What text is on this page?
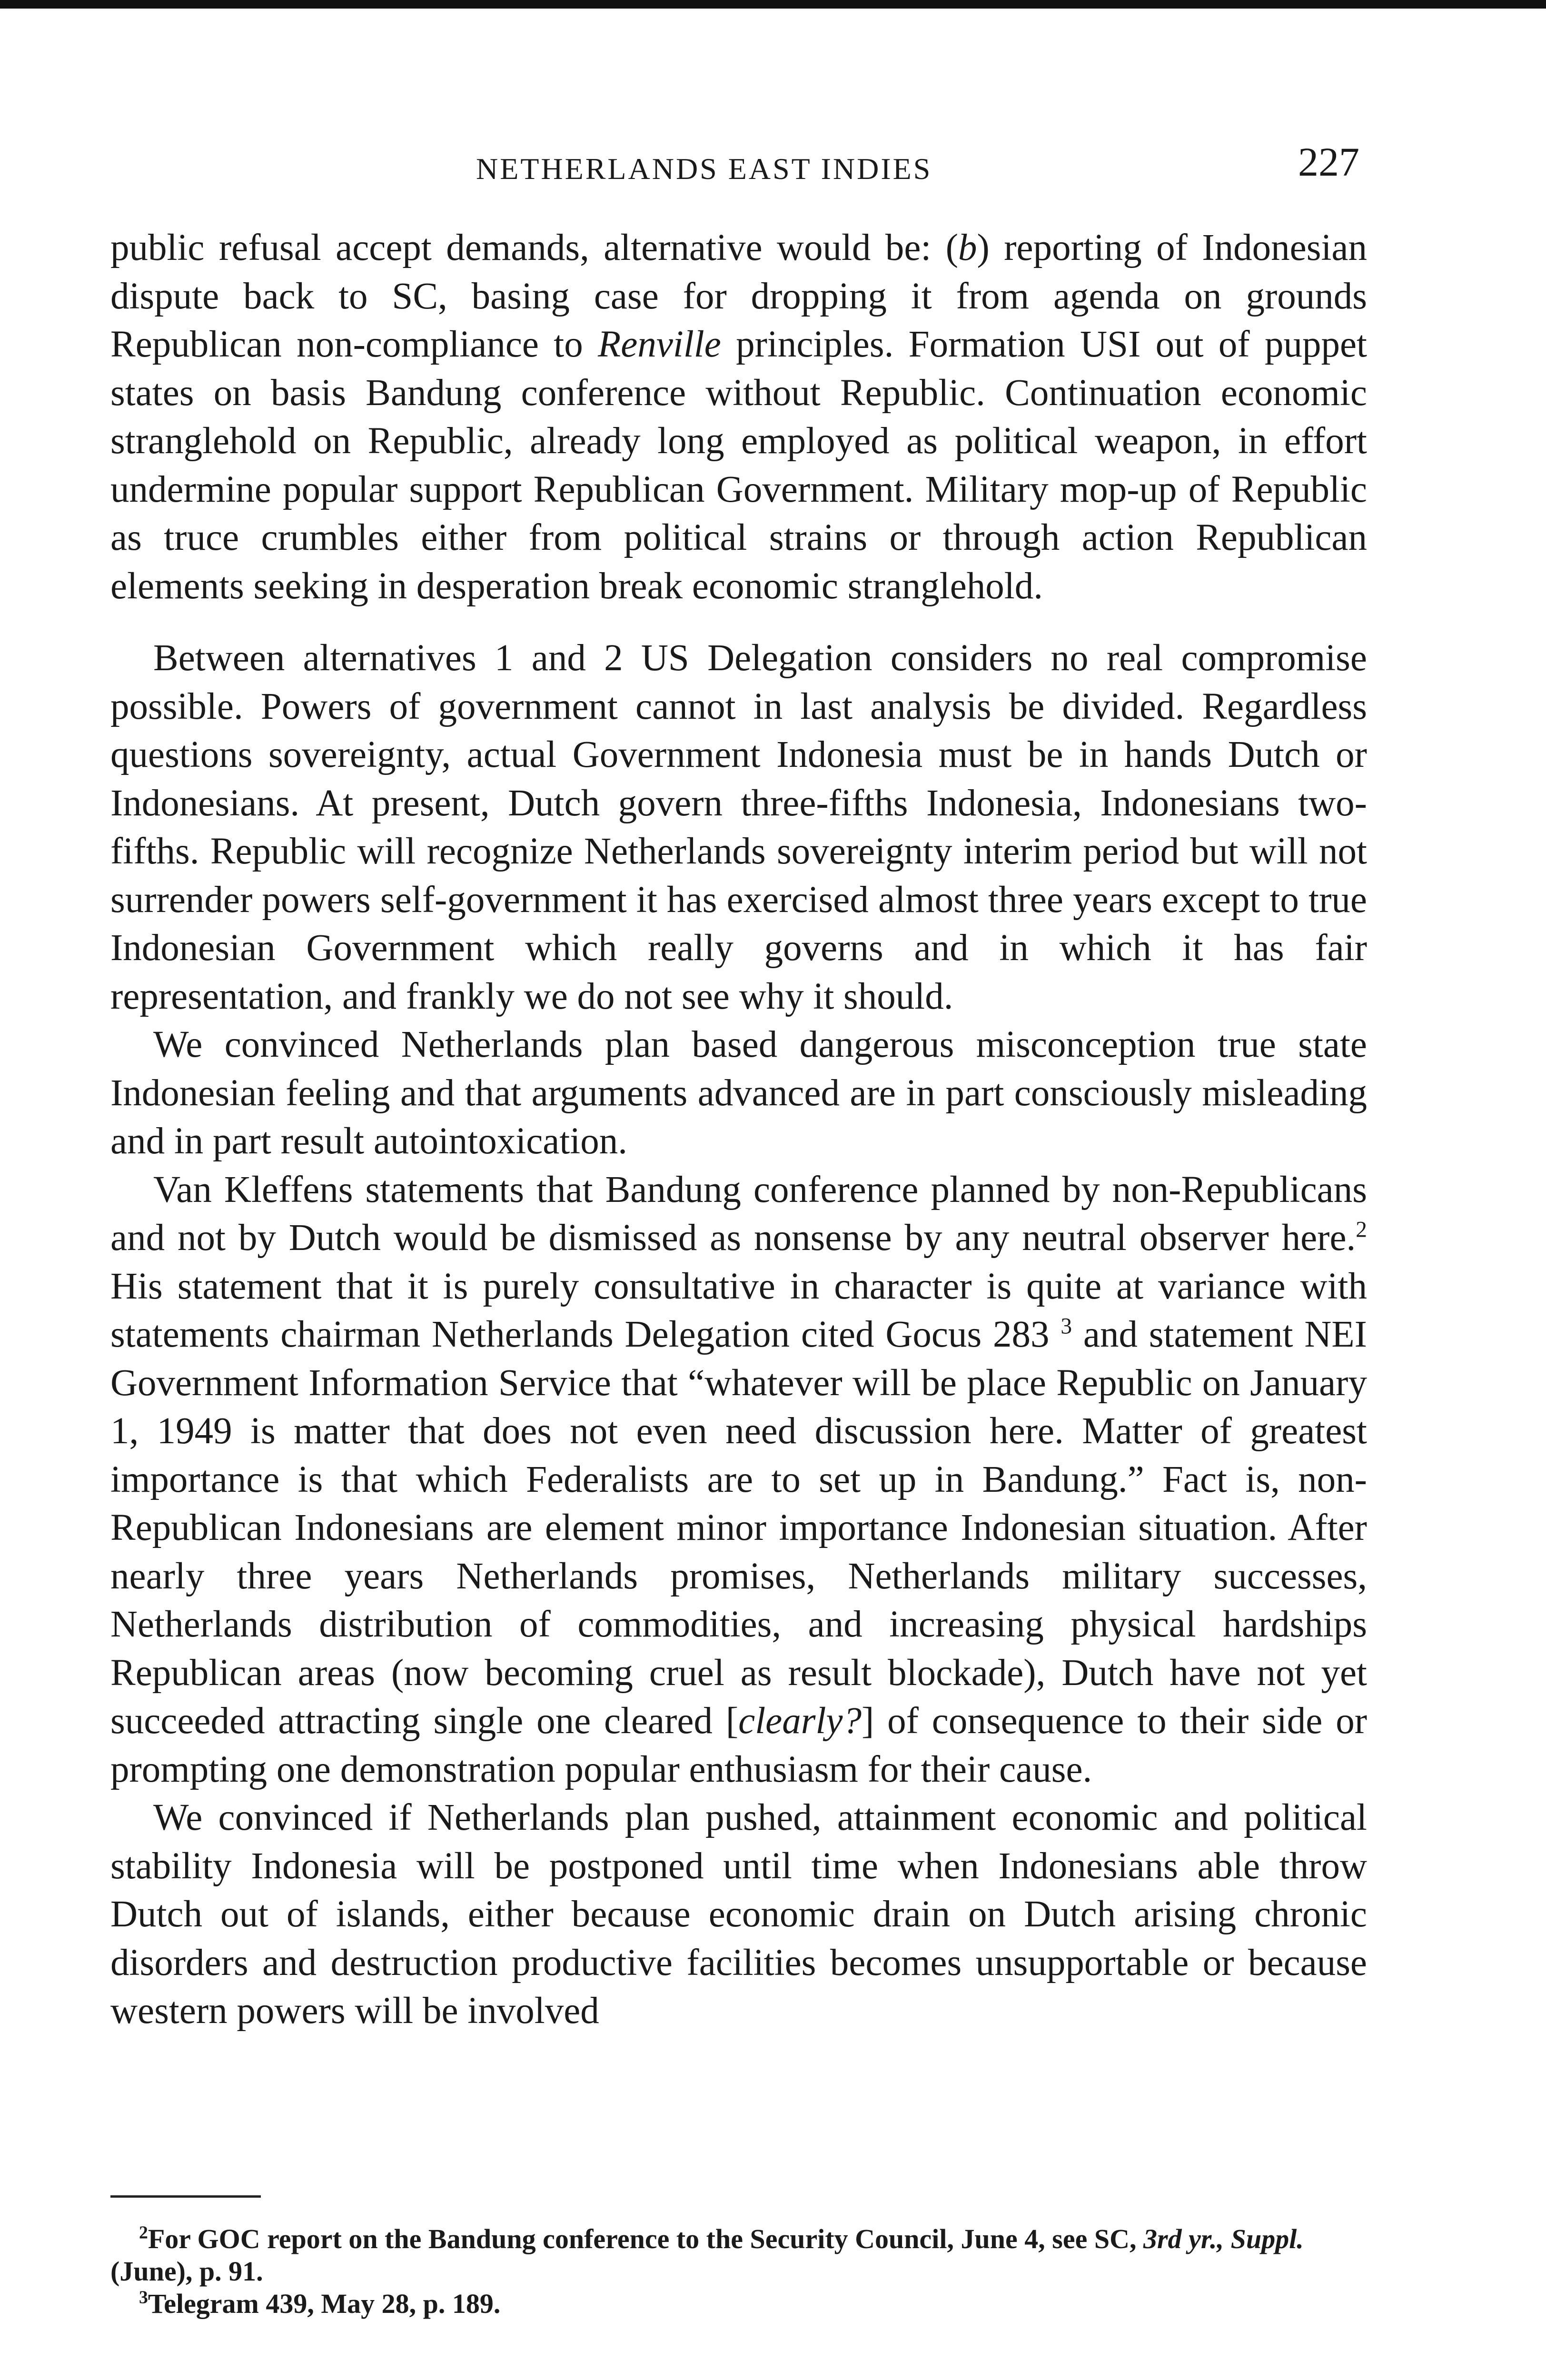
NETHERLANDS EAST INDIES	227

public refusal accept demands, alternative would be: (b) reporting of Indonesian dispute back to SC, basing case for dropping it from agenda on grounds Republican non-compliance to Renville principles. Formation USI out of puppet states on basis Bandung conference without Republic. Continuation economic stranglehold on Republic, already long employed as political weapon, in effort undermine popular support Republican Government. Military mop-up of Republic as truce crumbles either from political strains or through action Republican elements seeking in desperation break economic stranglehold.

Between alternatives 1 and 2 US Delegation considers no real compromise possible. Powers of government cannot in last analysis be divided. Regardless questions sovereignty, actual Government Indonesia must be in hands Dutch or Indonesians. At present, Dutch govern three-fifths Indonesia, Indonesians two-fifths. Republic will recognize Netherlands sovereignty interim period but will not surrender powers self-government it has exercised almost three years except to true Indonesian Government which really governs and in which it has fair representation, and frankly we do not see why it should.

We convinced Netherlands plan based dangerous misconception true state Indonesian feeling and that arguments advanced are in part consciously misleading and in part result autointoxication.

Van Kleffens statements that Bandung conference planned by non-Republicans and not by Dutch would be dismissed as nonsense by any neutral observer here.$^2$ His statement that it is purely consultative in character is quite at variance with statements chairman Netherlands Delegation cited Gocus 283 $^3$ and statement NEI Government Information Service that “whatever will be place Republic on January 1, 1949 is matter that does not even need discussion here. Matter of greatest importance is that which Federalists are to set up in Bandung.” Fact is, non-Republican Indonesians are element minor importance Indonesian situation. After nearly three years Netherlands promises, Netherlands military successes, Netherlands distribution of commodities, and increasing physical hardships Republican areas (now becoming cruel as result blockade), Dutch have not yet succeeded attracting single one cleared [clearly?] of consequence to their side or prompting one demonstration popular enthusiasm for their cause.

We convinced if Netherlands plan pushed, attainment economic and political stability Indonesia will be postponed until time when Indonesians able throw Dutch out of islands, either because economic drain on Dutch arising chronic disorders and destruction productive facilities becomes unsupportable or because western powers will be involved

$^2$For GOC report on the Bandung conference to the Security Council, June 4, see SC, 3rd yr., Suppl. (June), p. 91.

$^3$Telegram 439, May 28, p. 189.
